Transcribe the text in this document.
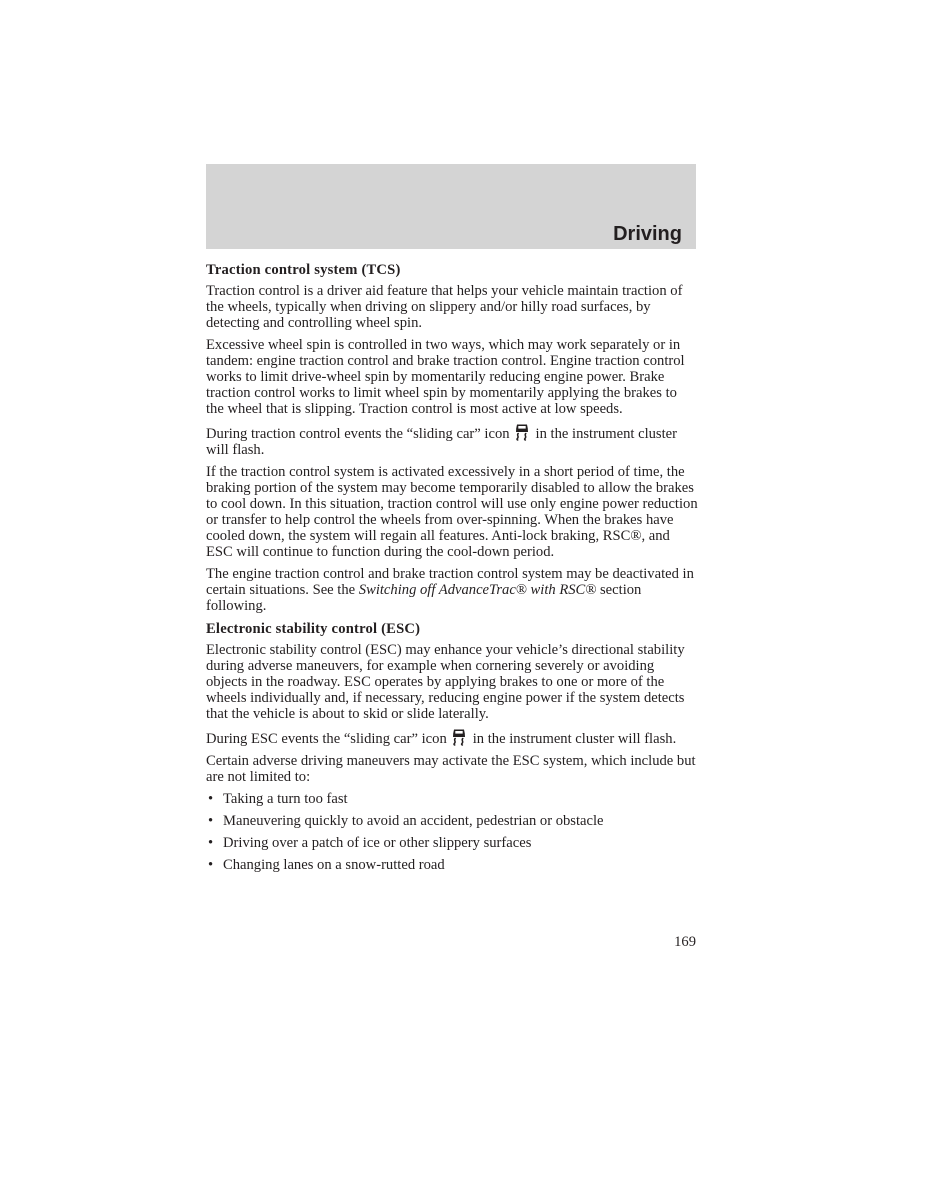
Driving
Traction control system (TCS)

Traction control is a driver aid feature that helps your vehicle maintain traction of the wheels, typically when driving on slippery and/or hilly road surfaces, by detecting and controlling wheel spin.

Excessive wheel spin is controlled in two ways, which may work separately or in tandem: engine traction control and brake traction control. Engine traction control works to limit drive-wheel spin by momentarily reducing engine power. Brake traction control works to limit wheel spin by momentarily applying the brakes to the wheel that is slipping. Traction control is most active at low speeds.

During traction control events the “sliding car” icon in the instrument cluster will flash.

If the traction control system is activated excessively in a short period of time, the braking portion of the system may become temporarily disabled to allow the brakes to cool down. In this situation, traction control will use only engine power reduction or transfer to help control the wheels from over-spinning. When the brakes have cooled down, the system will regain all features. Anti-lock braking, RSC®, and ESC will continue to function during the cool-down period.

The engine traction control and brake traction control system may be deactivated in certain situations. See the Switching off AdvanceTrac® with RSC® section following.

Electronic stability control (ESC)

Electronic stability control (ESC) may enhance your vehicle’s directional stability during adverse maneuvers, for example when cornering severely or avoiding objects in the roadway. ESC operates by applying brakes to one or more of the wheels individually and, if necessary, reducing engine power if the system detects that the vehicle is about to skid or slide laterally.

During ESC events the “sliding car” icon in the instrument cluster will flash.

Certain adverse driving maneuvers may activate the ESC system, which include but are not limited to:

• Taking a turn too fast
• Maneuvering quickly to avoid an accident, pedestrian or obstacle
• Driving over a patch of ice or other slippery surfaces
• Changing lanes on a snow-rutted road

169
